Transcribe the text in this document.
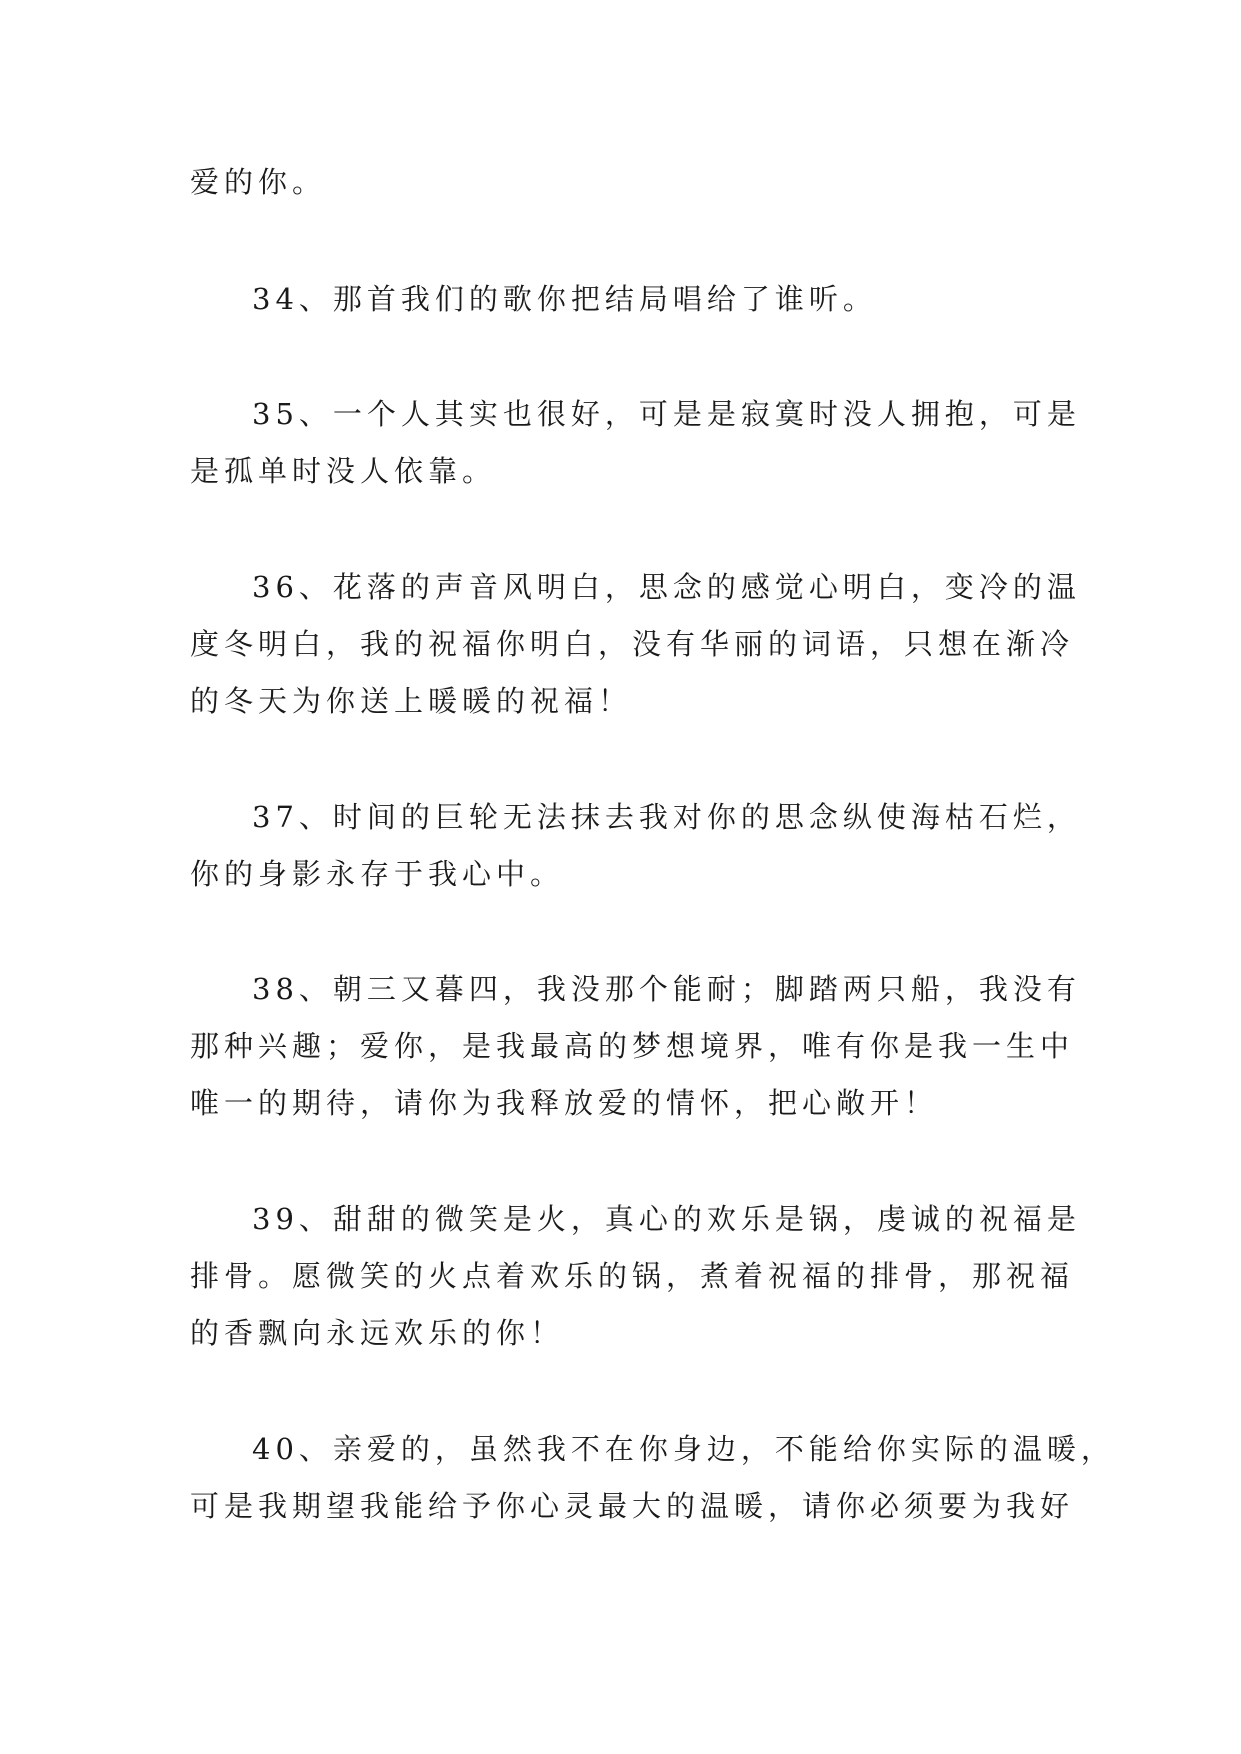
爱的你。
34、那首我们的歌你把结局唱给了谁听。
35、一个人其实也很好，可是是寂寞时没人拥抱，可是
是孤单时没人依靠。
36、花落的声音风明白，思念的感觉心明白，变冷的温
度冬明白，我的祝福你明白，没有华丽的词语，只想在渐冷
的冬天为你送上暖暖的祝福！
37、时间的巨轮无法抹去我对你的思念纵使海枯石烂，
你的身影永存于我心中。
38、朝三又暮四，我没那个能耐；脚踏两只船，我没有
那种兴趣；爱你，是我最高的梦想境界，唯有你是我一生中
唯一的期待，请你为我释放爱的情怀，把心敞开！
39、甜甜的微笑是火，真心的欢乐是锅，虔诚的祝福是
排骨。愿微笑的火点着欢乐的锅，煮着祝福的排骨，那祝福
的香飘向永远欢乐的你！
40、亲爱的，虽然我不在你身边，不能给你实际的温暖，
可是我期望我能给予你心灵最大的温暖，请你必须要为我好
